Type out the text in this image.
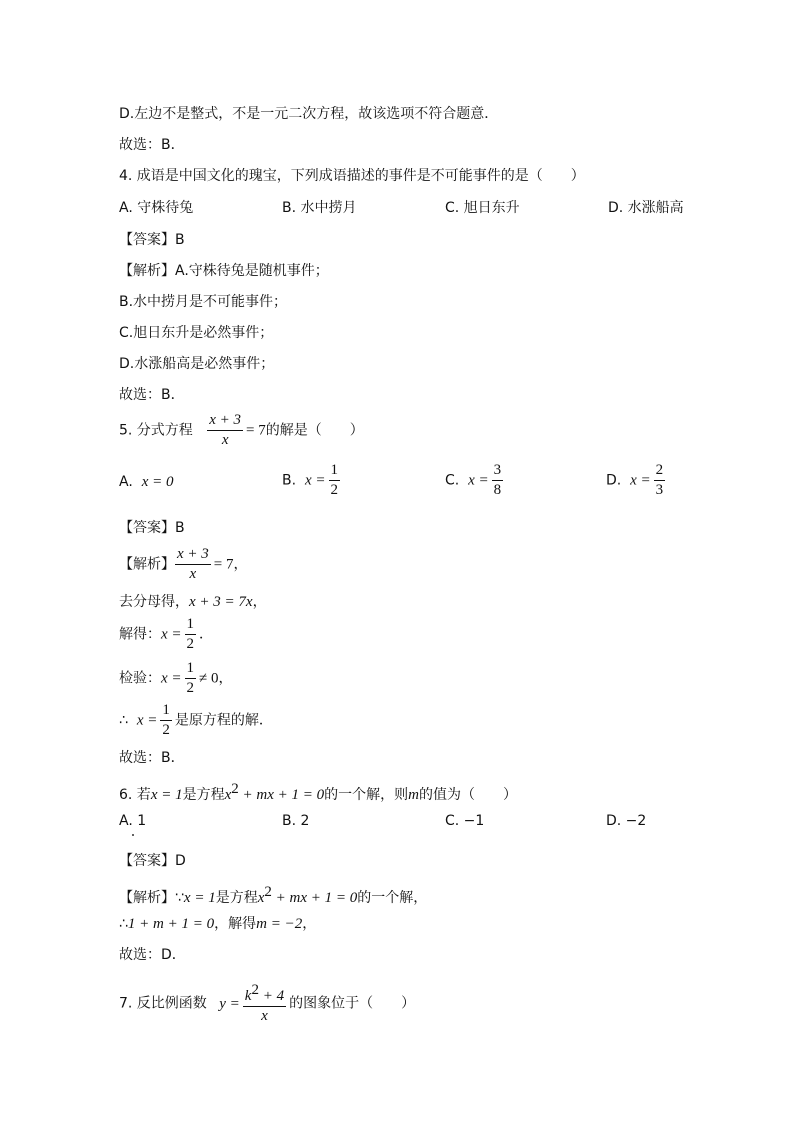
D.左边不是整式，不是一元二次方程，故该选项不符合题意．
故选：B．
4. 成语是中国文化的瑰宝，下列成语描述的事件是不可能事件的是（　　）
A. 守株待兔	B. 水中捞月	C. 旭日东升	D. 水涨船高
【答案】B
【解析】A.守株待兔是随机事件；
B.水中捞月是不可能事件；
C.旭日东升是必然事件；
D.水涨船高是必然事件；
故选：B．
5. 分式方程 $\frac{x + 3}{x} = 7$的解是（　　）
A. x = 0	B. $x = \frac{1}{2}$	C. $x = \frac{3}{8}$	D. $x = \frac{2}{3}$
【答案】B
【解析】 $\frac{x + 3}{x} = 7$，
去分母得，x + 3 = 7x，
解得：$x = \frac{1}{2}$ ．
检验：$x = \frac{1}{2} \ne 0$，
∴ $x = \frac{1}{2}$ 是原方程的解．
故选：B．
6. 若x = 1是方程$x^2$ + mx + 1 = 0的一个解，则m的值为（　　）
A. 1	B. 2	C. −1	D. −2
【答案】D
【解析】∵x = 1是方程$x^2$ + mx + 1 = 0的一个解，
∴1 + m + 1 = 0，解得m = −2，
故选：D．
7. 反比例函数 $y = \frac{k^2 + 4}{x}$ 的图象位于（　　）
